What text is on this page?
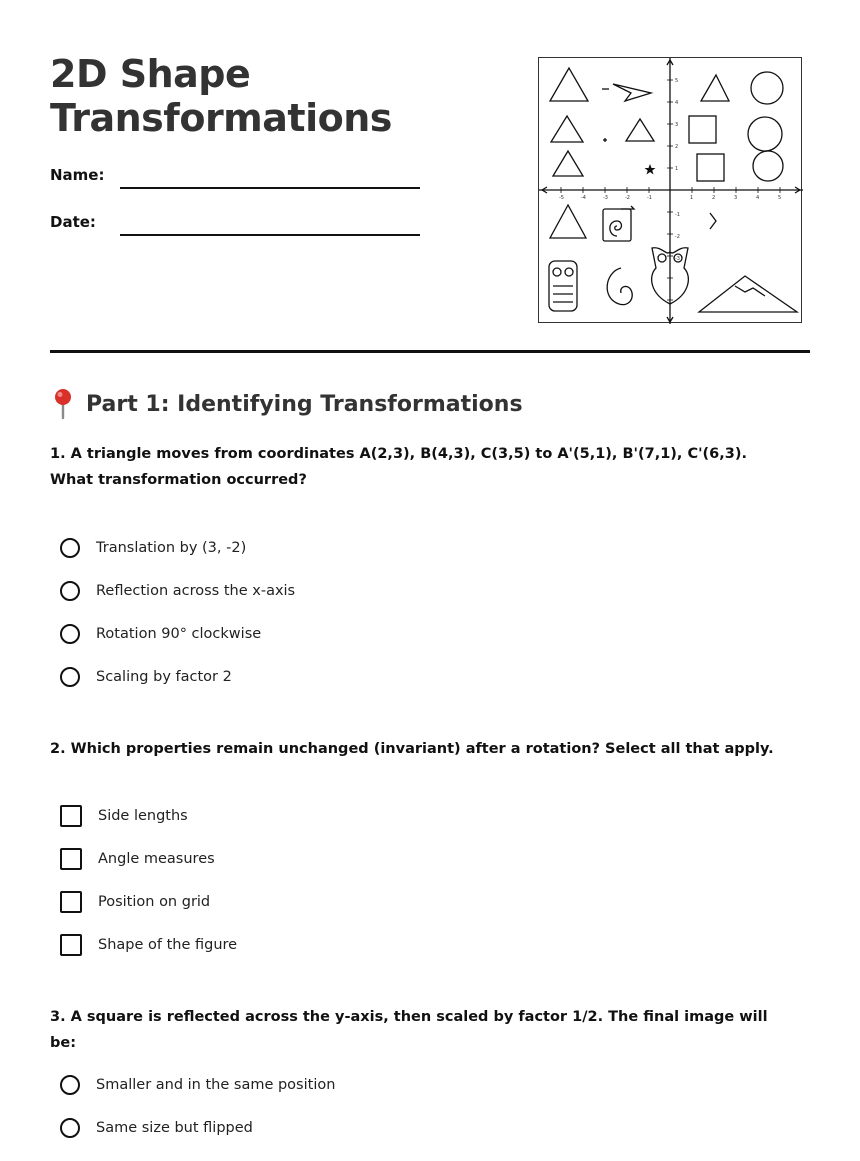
2D Shape
Transformations
Name:
Date:
5
4
3
2
1
-1
-2
-3
-5	-4	-3	-2	-1	1	2	3	4	5
Part 1: Identifying Transformations

1. A triangle moves from coordinates A(2,3), B(4,3), C(3,5) to A'(5,1), B'(7,1), C'(6,3). What transformation occurred?

Translation by (3, -2)
Reflection across the x-axis
Rotation 90° clockwise
Scaling by factor 2

2. Which properties remain unchanged (invariant) after a rotation? Select all that apply.

Side lengths
Angle measures
Position on grid
Shape of the figure

3. A square is reflected across the y-axis, then scaled by factor 1/2. The final image will be:

Smaller and in the same position
Same size but flipped
